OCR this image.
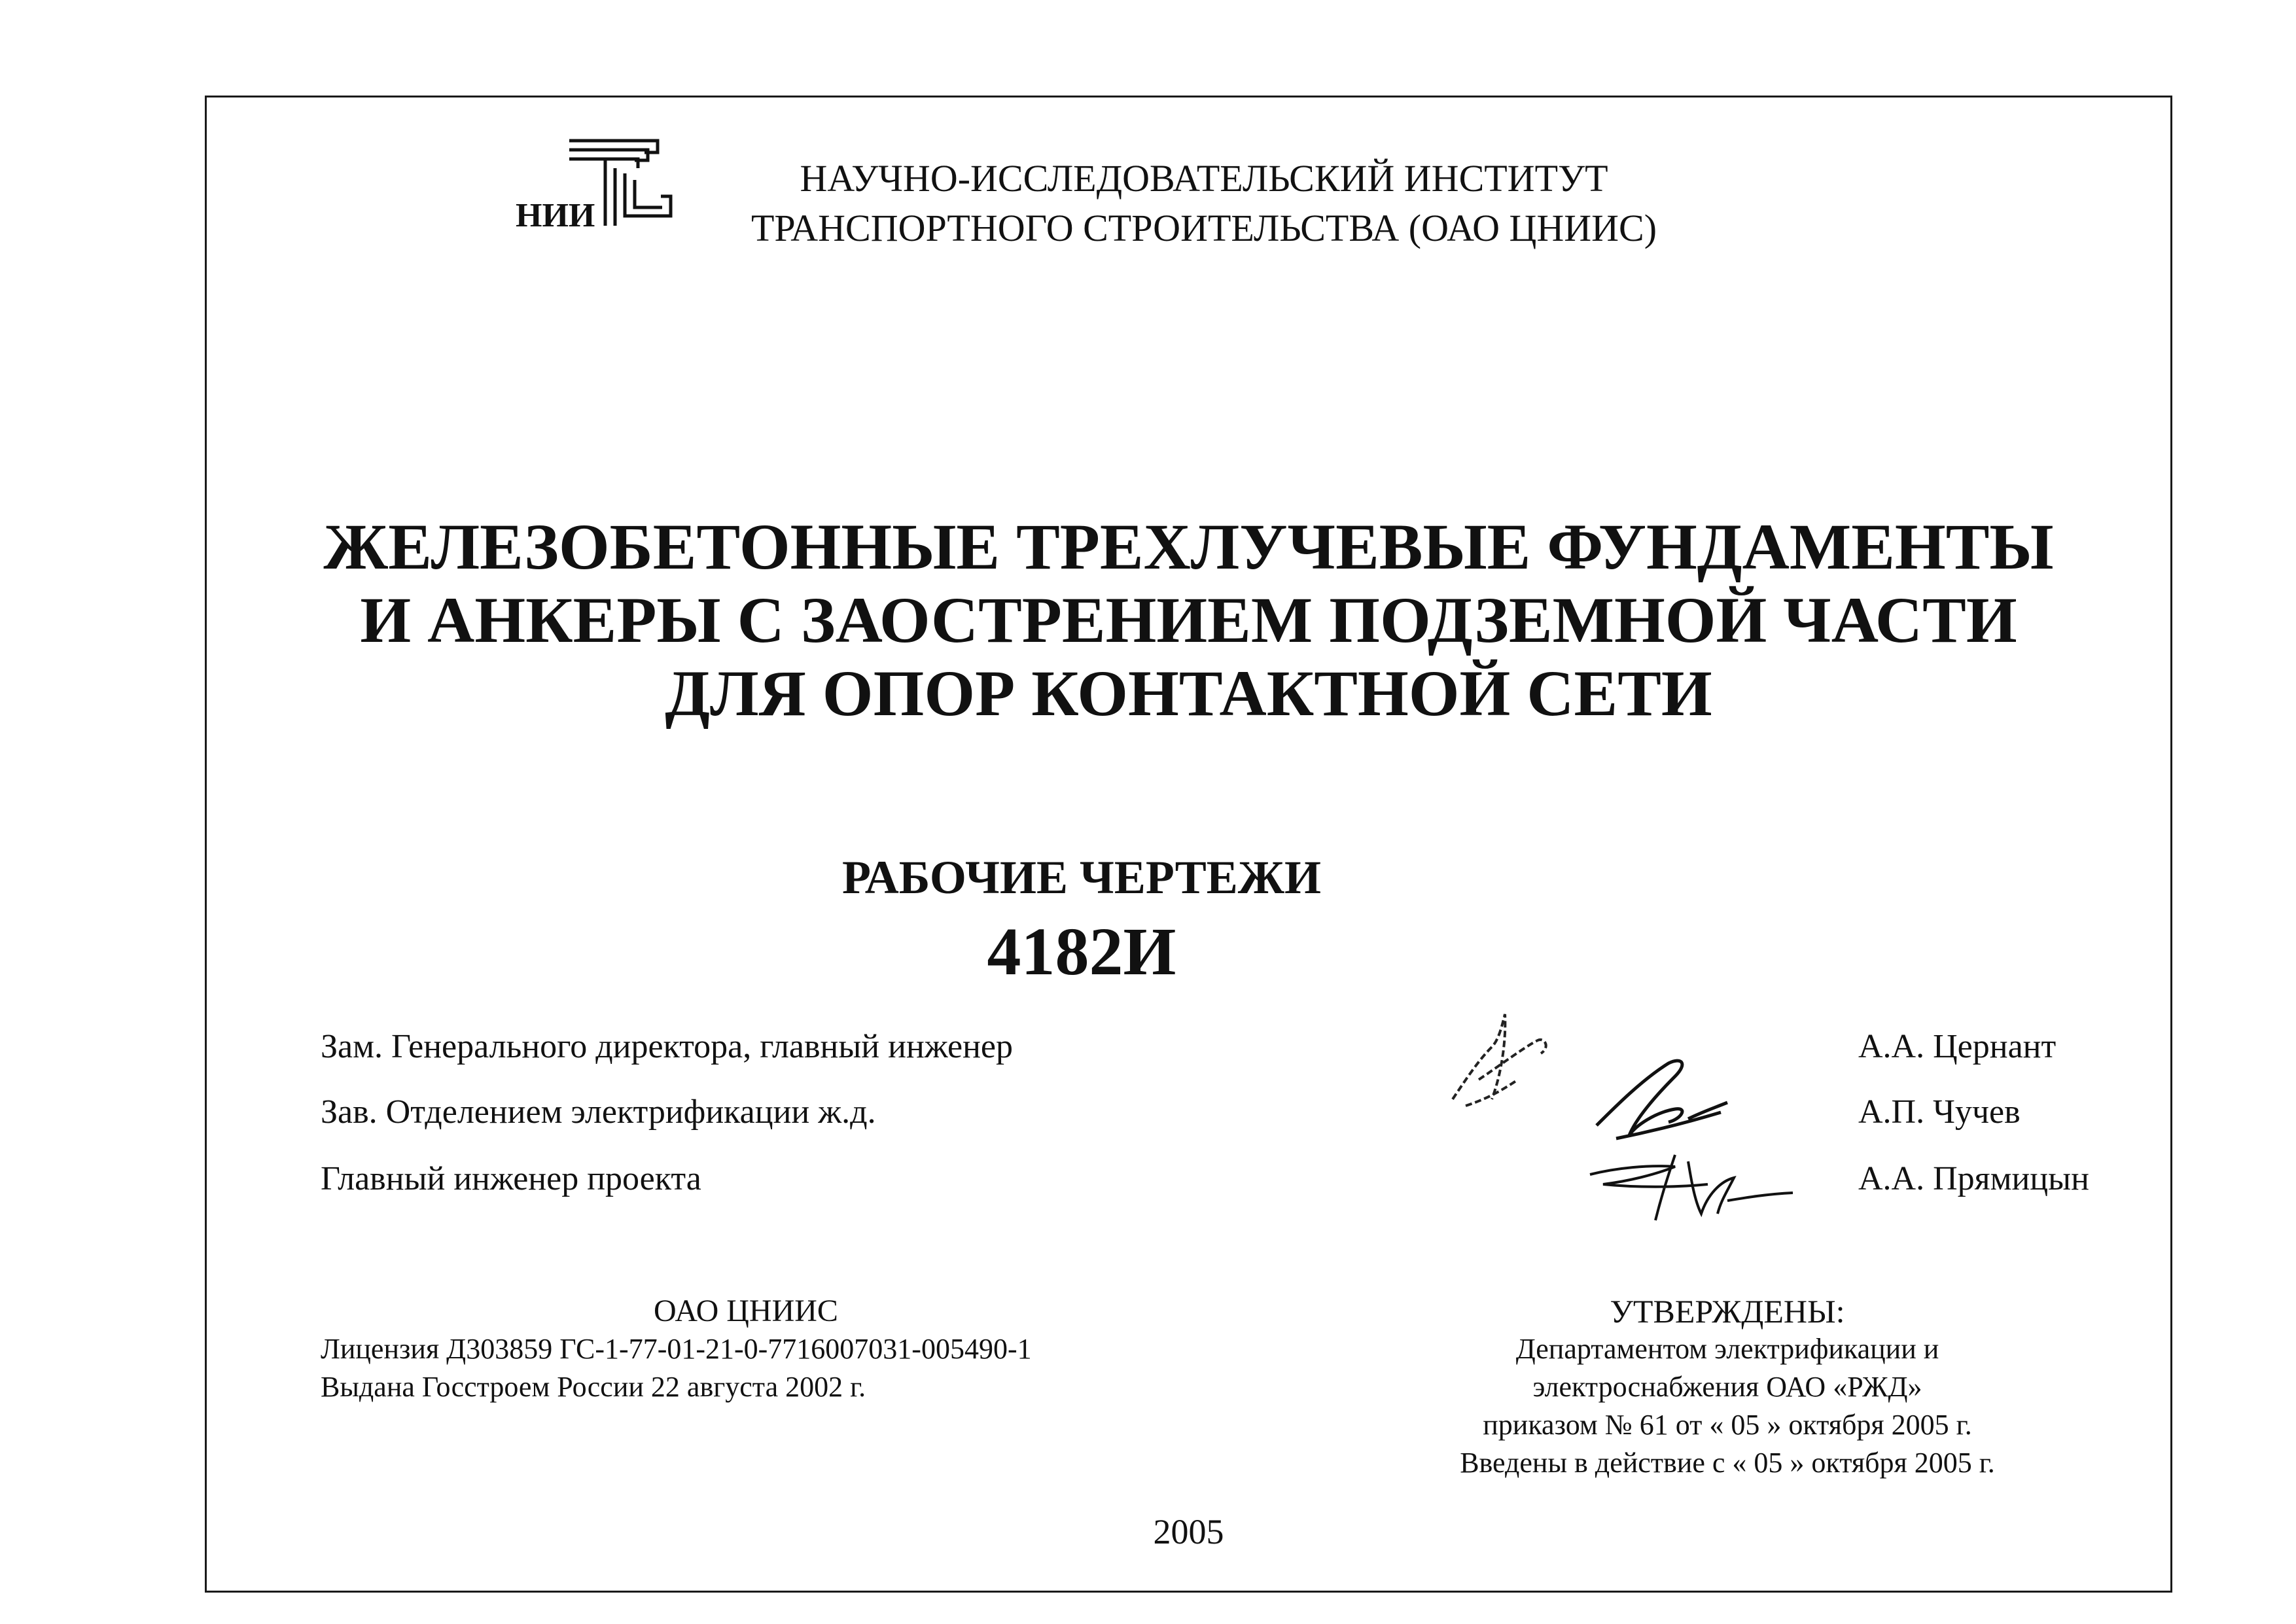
НИИ
НАУЧНО-ИССЛЕДОВАТЕЛЬСКИЙ ИНСТИТУТ
ТРАНСПОРТНОГО СТРОИТЕЛЬСТВА (ОАО ЦНИИС)
ЖЕЛЕЗОБЕТОННЫЕ ТРЕХЛУЧЕВЫЕ ФУНДАМЕНТЫ
И АНКЕРЫ С ЗАОСТРЕНИЕМ ПОДЗЕМНОЙ ЧАСТИ
ДЛЯ ОПОР КОНТАКТНОЙ СЕТИ
РАБОЧИЕ ЧЕРТЕЖИ
4182И
Зам. Генерального директора, главный инженер
Зав. Отделением электрификации ж.д.
Главный инженер проекта
А.А. Цернант
А.П. Чучев
А.А. Прямицын
ОАО ЦНИИС
Лицензия Д303859 ГС-1-77-01-21-0-7716007031-005490-1
Выдана Госстроем России 22 августа 2002 г.
УТВЕРЖДЕНЫ:
Департаментом электрификации и
электроснабжения ОАО «РЖД»
приказом № 61 от « 05 » октября 2005 г.
Введены в действие с « 05 » октября 2005 г.
2005
